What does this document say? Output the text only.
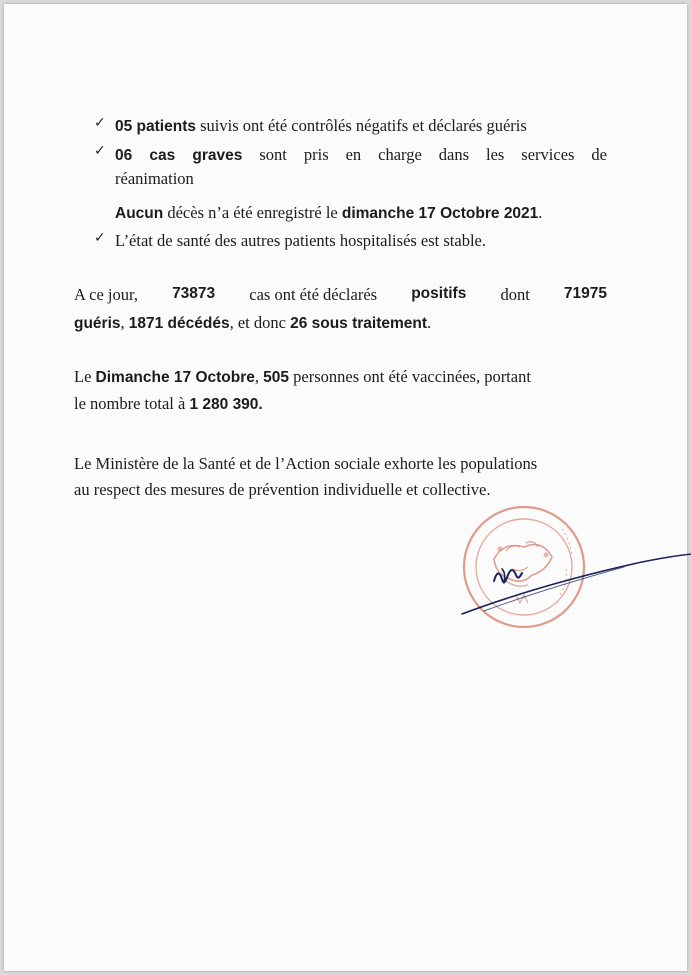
✓ 05 patients suivis ont été contrôlés négatifs et déclarés guéris
✓ 06 cas graves sont pris en charge dans les services de
réanimation
Aucun décès n’a été enregistré le dimanche 17 Octobre 2021.
✓ L’état de santé des autres patients hospitalisés est stable.
A ce jour, 73873 cas ont été déclarés positifs dont 71975
guéris, 1871 décédés, et donc 26 sous traitement.
Le Dimanche 17 Octobre, 505 personnes ont été vaccinées, portant
le nombre total à 1 280 390.
Le Ministère de la Santé et de l’Action sociale exhorte les populations
au respect des mesures de prévention individuelle et collective.
